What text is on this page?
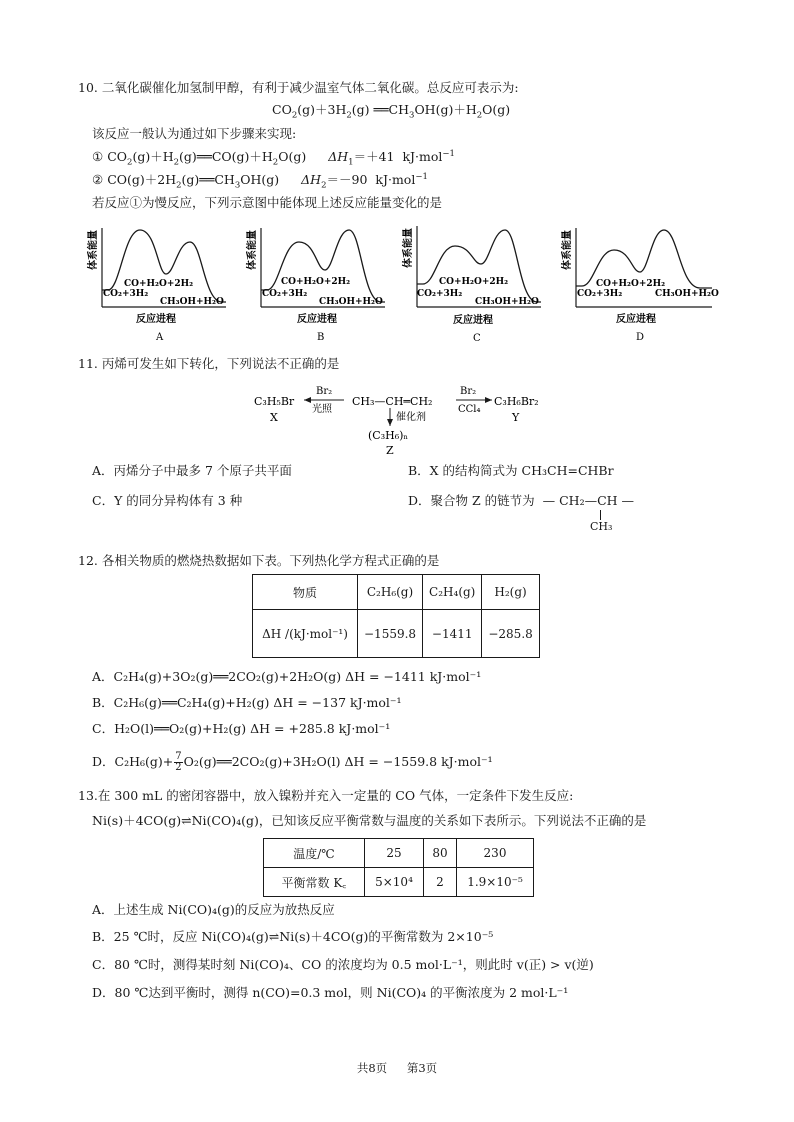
10. 二氧化碳催化加氢制甲醇，有利于减少温室气体二氧化碳。总反应可表示为:
$CO_2(g)+3H_2(g)$ $══CH_3OH(g)+H_2O(g)$
该反应一般认为通过如下步骤来实现:
① $CO_2(g)+H_2(g)══CO(g)+H_2O(g)$ $\Delta H_1=+41$ kJ·mol$^{-1}$
② $CO(g)+2H_2(g)══CH_3OH(g)$ $\Delta H_2=-90$ kJ·mol$^{-1}$
若反应①为慢反应，下列示意图中能体现上述反应能量变化的是
体系能量
CO+H₂O+2H₂
CO₂+3H₂
CH₃OH+H₂O
反应进程
A
体系能量
CO+H₂O+2H₂
CO₂+3H₂
CH₃OH+H₂O
反应进程
B
体系能量
CO+H₂O+2H₂
CO₂+3H₂
CH₃OH+H₂O
反应进程
C
体系能量
CO+H₂O+2H₂
CO₂+3H₂	CH₃OH+H₂O
反应进程
D
11. 丙烯可发生如下转化，下列说法不正确的是
C₃H₅Br
X
Br₂
光照
CH₃—CH═CH₂
Br₂
CCl₄
C₃H₆Br₂
Y
催化剂
(C₃H₆)ₙ
Z
A．丙烯分子中最多 7 个原子共平面	B．X 的结构简式为 CH₃CH=CHBr
C．Y 的同分异构体有 3 种	D．聚合物 Z 的链节为 — CH₂—CH —
CH₃
12. 各相关物质的燃烧热数据如下表。下列热化学方程式正确的是
物质	C₂H₆(g)	C₂H₄(g)	H₂(g)
ΔH /(kJ·mol⁻¹)	−1559.8	−1411	−285.8
A．C₂H₄(g)+3O₂(g)══2CO₂(g)+2H₂O(g) ΔH = −1411 kJ·mol⁻¹
B．C₂H₆(g)══C₂H₄(g)+H₂(g) ΔH = −137 kJ·mol⁻¹
C．H₂O(l)══O₂(g)+H₂(g) ΔH = +285.8 kJ·mol⁻¹
D．$C_2H_6(g)+ \frac{7}{2}$ O₂(g)══2CO₂(g)+3H₂O(l) ΔH = −1559.8 kJ·mol⁻¹
13.在 300 mL 的密闭容器中，放入镍粉并充入一定量的 CO 气体，一定条件下发生反应:
Ni(s)＋4CO(g)⇌Ni(CO)₄(g)，已知该反应平衡常数与温度的关系如下表所示。下列说法不正确的是
温度/℃	25	80	230
平衡常数 K꜀	5×10⁴	2	1.9×10⁻⁵
A．上述生成 Ni(CO)₄(g)的反应为放热反应
B．25 ℃时，反应 Ni(CO)₄(g)⇌Ni(s)＋4CO(g)的平衡常数为 2×10⁻⁵
C．80 ℃时，测得某时刻 Ni(CO)₄、CO 的浓度均为 0.5 mol·L⁻¹，则此时 v(正) > v(逆)
D．80 ℃达到平衡时，测得 n(CO)=0.3 mol，则 Ni(CO)₄ 的平衡浓度为 2 mol·L⁻¹
共8页 第3页
